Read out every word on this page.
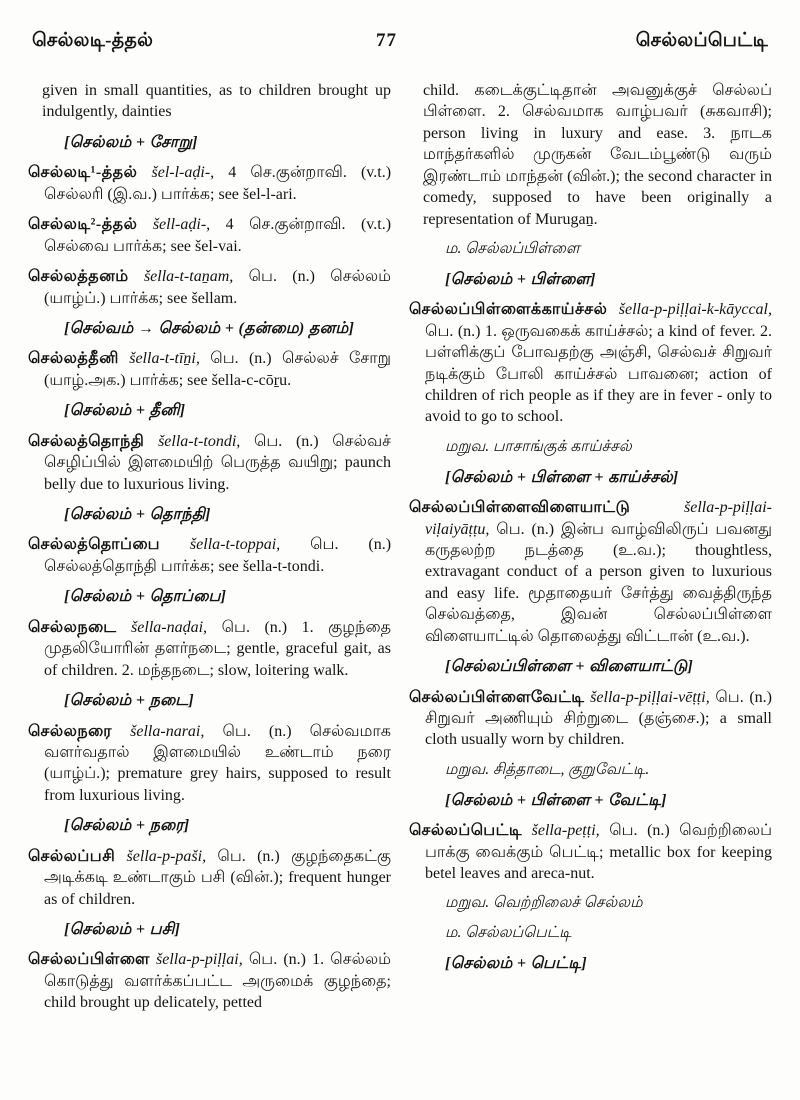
செல்லடி-த்தல்	77	செல்லப்பெட்டி

given in small quantities, as to children brought up indulgently, dainties

[செல்லம் + சோறு]

செல்லடி¹-த்தல் šel-l-aḍi-, 4 செ.குன்றாவி. (v.t.) செல்லரி (இ.வ.) பார்க்க; see šel-l-ari.

செல்லடி²-த்தல் šell-aḍi-, 4 செ.குன்றாவி. (v.t.) செல்வை பார்க்க; see šel-vai.

செல்லத்தனம் šella-t-taṉam, பெ. (n.) செல்லம் (யாழ்ப்.) பார்க்க; see šellam.

[செல்வம் → செல்லம் + (தன்மை) தனம்]

செல்லத்தீனி šella-t-tīṉi, பெ. (n.) செல்லச் சோறு (யாழ்.அக.) பார்க்க; see šella-c-cōṟu.

[செல்லம் + தீனி]

செல்லத்தொந்தி šella-t-tondi, பெ. (n.) செல்வச் செழிப்பில் இளமையிற் பெருத்த வயிறு; paunch belly due to luxurious living.

[செல்லம் + தொந்தி]

செல்லத்தொப்பை šella-t-toppai, பெ. (n.) செல்லத்தொந்தி பார்க்க; see šella-t-tondi.

[செல்லம் + தொப்பை]

செல்லநடை šella-naḍai, பெ. (n.) 1. குழந்தை முதலியோரின் தளர்நடை; gentle, graceful gait, as of children. 2. மந்தநடை; slow, loitering walk.

[செல்லம் + நடை]

செல்லநரை šella-narai, பெ. (n.) செல்வமாக வளர்வதால் இளமையில் உண்டாம் நரை (யாழ்ப்.); premature grey hairs, supposed to result from luxurious living.

[செல்லம் + நரை]

செல்லப்பசி šella-p-paši, பெ. (n.) குழந்தைகட்கு அடிக்கடி உண்டாகும் பசி (வின்.); frequent hunger as of children.

[செல்லம் + பசி]

செல்லப்பிள்ளை šella-p-piḷḷai, பெ. (n.) 1. செல்லம் கொடுத்து வளர்க்கப்பட்ட அருமைக் குழந்தை; child brought up delicately, petted

child. கடைக்குட்டிதான் அவனுக்குச் செல்லப் பிள்ளை. 2. செல்வமாக வாழ்பவர் (சுகவாசி); person living in luxury and ease. 3. நாடக மாந்தர்களில் முருகன் வேடம்பூண்டு வரும் இரண்டாம் மாந்தன் (வின்.); the second character in comedy, supposed to have been originally a representation of Murugaṉ.

ம. செல்லப்பிள்ளை

[செல்லம் + பிள்ளை]

செல்லப்பிள்ளைக்காய்ச்சல் šella-p-piḷḷai-k-kāyccal, பெ. (n.) 1. ஒருவகைக் காய்ச்சல்; a kind of fever. 2. பள்ளிக்குப் போவதற்கு அஞ்சி, செல்வச் சிறுவர் நடிக்கும் போலி காய்ச்சல் பாவனை; action of children of rich people as if they are in fever - only to avoid to go to school.

மறுவ. பாசாங்குக் காய்ச்சல்

[செல்லம் + பிள்ளை + காய்ச்சல்]

செல்லப்பிள்ளைவிளையாட்டு	šella-p-piḷḷai-viḷaiyāṭṭu, பெ. (n.) இன்ப வாழ்விலிருப் பவனது கருதலற்ற நடத்தை (உ.வ.); thoughtless, extravagant conduct of a person given to luxurious and easy life. மூதாதையர் சேர்த்து வைத்திருந்த செல்வத்தை, இவன் செல்லப்பிள்ளை விளையாட்டில் தொலைத்து விட்டான் (உ.வ.).

[செல்லப்பிள்ளை + விளையாட்டு]

செல்லப்பிள்ளைவேட்டி šella-p-piḷḷai-vēṭṭi, பெ. (n.) சிறுவர் அணியும் சிற்றுடை (தஞ்சை.); a small cloth usually worn by children.

மறுவ. சித்தாடை, குறுவேட்டி.

[செல்லம் + பிள்ளை + வேட்டி]

செல்லப்பெட்டி šella-peṭṭi, பெ. (n.) வெற்றிலைப் பாக்கு வைக்கும் பெட்டி; metallic box for keeping betel leaves and areca-nut.

மறுவ. வெற்றிலைச் செல்லம்

ம. செல்லப்பெட்டி

[செல்லம் + பெட்டி]
